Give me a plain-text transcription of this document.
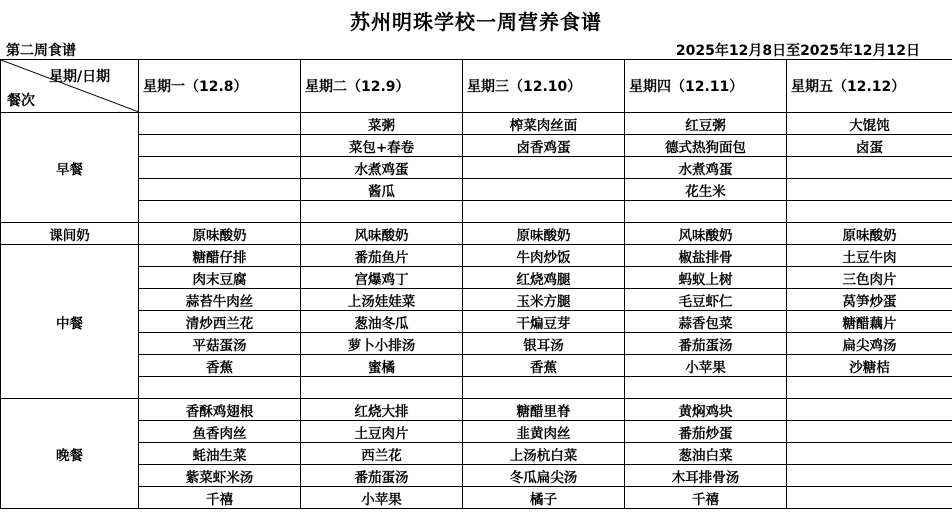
苏州明珠学校一周营养食谱
第二周食谱	2025年12月8日至2025年12月12日
星期/日期
餐次	星期一（12.8）	星期二（12.9）	星期三（12.10）	星期四（12.11）	星期五（12.12）
早餐		菜粥	榨菜肉丝面	红豆粥	大馄饨
		菜包+春卷	卤香鸡蛋	德式热狗面包	卤蛋
		水煮鸡蛋		水煮鸡蛋	
		酱瓜		花生米	

课间奶	原味酸奶	风味酸奶	原味酸奶	风味酸奶	原味酸奶
中餐	糖醋仔排	番茄鱼片	牛肉炒饭	椒盐排骨	土豆牛肉
	肉末豆腐	宫爆鸡丁	红烧鸡腿	蚂蚁上树	三色肉片
	蒜苔牛肉丝	上汤娃娃菜	玉米方腿	毛豆虾仁	莴笋炒蛋
	清炒西兰花	葱油冬瓜	干煸豆芽	蒜香包菜	糖醋藕片
	平菇蛋汤	萝卜小排汤	银耳汤	番茄蛋汤	扁尖鸡汤
	香蕉	蜜橘	香蕉	小苹果	沙糖桔

晚餐	香酥鸡翅根	红烧大排	糖醋里脊	黄焖鸡块	
	鱼香肉丝	土豆肉片	韭黄肉丝	番茄炒蛋	
	蚝油生菜	西兰花	上汤杭白菜	葱油白菜	
	紫菜虾米汤	番茄蛋汤	冬瓜扁尖汤	木耳排骨汤	
	千禧	小苹果	橘子	千禧	
